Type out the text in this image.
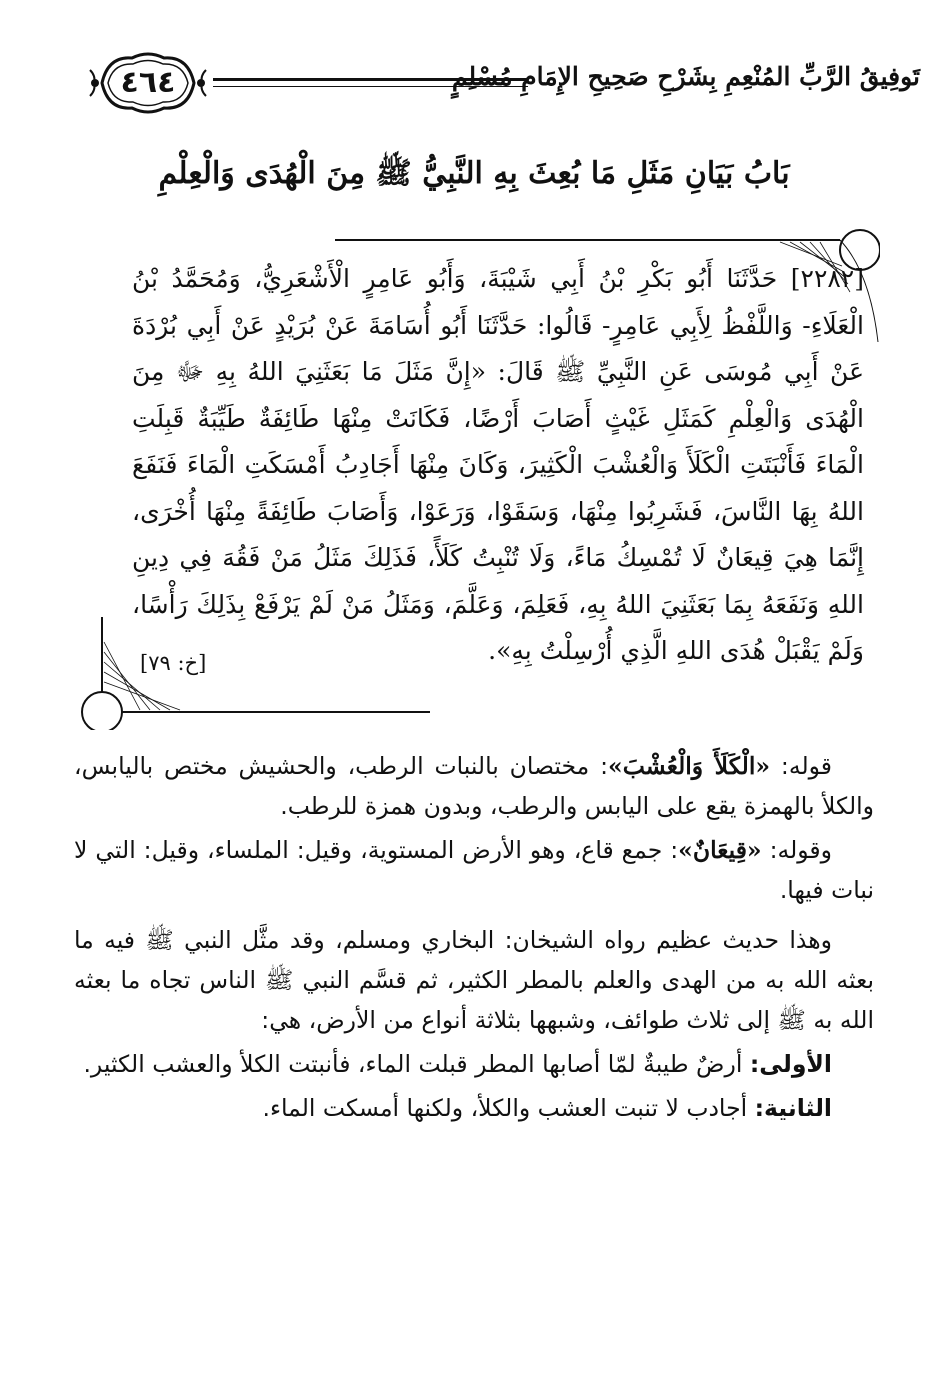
٤٦٤	تَوفِيقُ الرَّبِّ المُنْعِمِ بِشَرْحِ صَحِيحِ الإِمَامِ مُسْلِمٍ
بَابُ بَيَانِ مَثَلِ مَا بُعِثَ بِهِ النَّبِيُّ ﷺ مِنَ الْهُدَى وَالْعِلْمِ
[٢٢٨٢] حَدَّثَنَا أَبُو بَكْرِ بْنُ أَبِي شَيْبَةَ، وَأَبُو عَامِرٍ الْأَشْعَرِيُّ، وَمُحَمَّدُ بْنُ الْعَلَاءِ- وَاللَّفْظُ لِأَبِي عَامِرٍ- قَالُوا: حَدَّثَنَا أَبُو أُسَامَةَ عَنْ بُرَيْدٍ عَنْ أَبِي بُرْدَةَ عَنْ أَبِي مُوسَى عَنِ النَّبِيِّ ﷺ قَالَ: «إِنَّ مَثَلَ مَا بَعَثَنِيَ اللهُ بِهِ ﷻ مِنَ الْهُدَى وَالْعِلْمِ كَمَثَلِ غَيْثٍ أَصَابَ أَرْضًا، فَكَانَتْ مِنْهَا طَائِفَةٌ طَيِّبَةٌ قَبِلَتِ الْمَاءَ فَأَنْبَتَتِ الْكَلَأَ وَالْعُشْبَ الْكَثِيرَ، وَكَانَ مِنْهَا أَجَادِبُ أَمْسَكَتِ الْمَاءَ فَنَفَعَ اللهُ بِهَا النَّاسَ، فَشَرِبُوا مِنْهَا، وَسَقَوْا، وَرَعَوْا، وَأَصَابَ طَائِفَةً مِنْهَا أُخْرَى، إِنَّمَا هِيَ قِيعَانٌ لَا تُمْسِكُ مَاءً، وَلَا تُنْبِتُ كَلَأً، فَذَلِكَ مَثَلُ مَنْ فَقُهَ فِي دِينِ اللهِ وَنَفَعَهُ بِمَا بَعَثَنِيَ اللهُ بِهِ، فَعَلِمَ، وَعَلَّمَ، وَمَثَلُ مَنْ لَمْ يَرْفَعْ بِذَلِكَ رَأْسًا، وَلَمْ يَقْبَلْ هُدَى اللهِ الَّذِي أُرْسِلْتُ بِهِ».
[خ: ٧٩]

قوله: «الْكَلَأَ وَالْعُشْبَ»: مختصان بالنبات الرطب، والحشيش مختص باليابس، والكلأ بالهمزة يقع على اليابس والرطب، وبدون همزة للرطب.

وقوله: «قِيعَانٌ»: جمع قاع، وهو الأرض المستوية، وقيل: الملساء، وقيل: التي لا نبات فيها.

وهذا حديث عظيم رواه الشيخان: البخاري ومسلم، وقد مثَّل النبي ﷺ فيه ما بعثه الله به من الهدى والعلم بالمطر الكثير، ثم قسَّم النبي ﷺ الناس تجاه ما بعثه الله به ﷺ إلى ثلاث طوائف، وشبهها بثلاثة أنواع من الأرض، هي:

الأولى: أرضٌ طيبةٌ لمّا أصابها المطر قبلت الماء، فأنبتت الكلأ والعشب الكثير.

الثانية: أجادب لا تنبت العشب والكلأ، ولكنها أمسكت الماء.
